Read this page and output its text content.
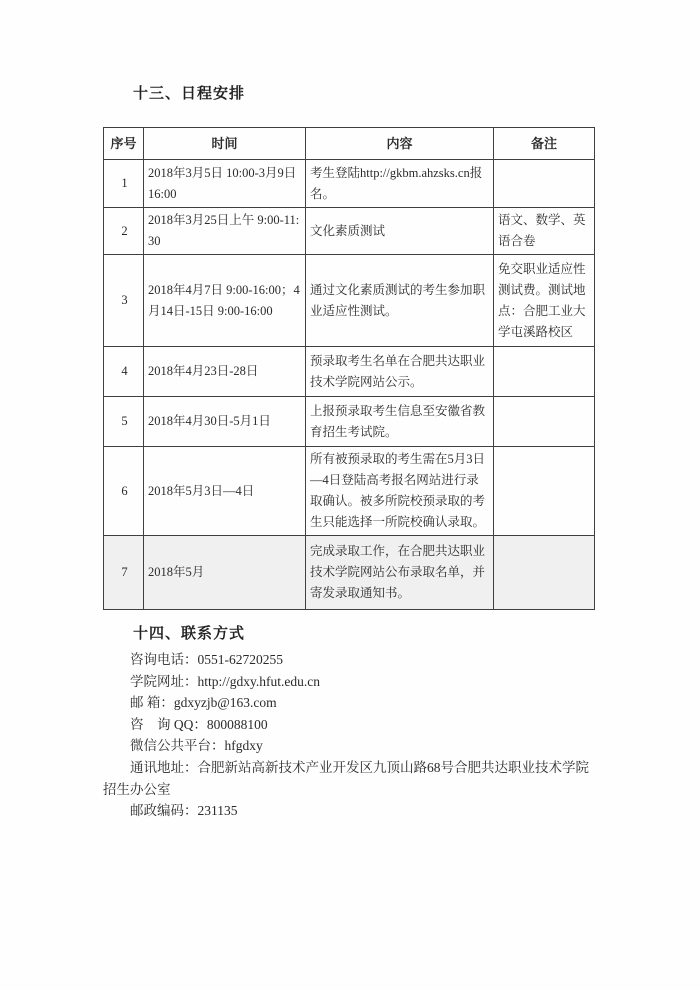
十三、日程安排
序号	时间	内容	备注
1	2018年3月5日 10:00-3月9日 16:00	考生登陆http://gkbm.ahzsks.cn报名。	
2	2018年3月25日上午 9:00-11:30	文化素质测试	语文、数学、英语合卷
3	2018年4月7日 9:00-16:00；4月14日-15日 9:00-16:00	通过文化素质测试的考生参加职业适应性测试。	免交职业适应性测试费。测试地点：合肥工业大学屯溪路校区
4	2018年4月23日-28日	预录取考生名单在合肥共达职业技术学院网站公示。	
5	2018年4月30日-5月1日	上报预录取考生信息至安徽省教育招生考试院。	
6	2018年5月3日—4日	所有被预录取的考生需在5月3日—4日登陆高考报名网站进行录取确认。被多所院校预录取的考生只能选择一所院校确认录取。	
7	2018年5月	完成录取工作，在合肥共达职业技术学院网站公布录取名单，并寄发录取通知书。	
十四、联系方式

咨询电话：0551-62720255

学院网址：http://gdxy.hfut.edu.cn

邮 箱：gdxyzjb@163.com

咨　询 QQ：800088100

微信公共平台：hfgdxy

通讯地址：合肥新站高新技术产业开发区九顶山路68号合肥共达职业技术学院招生办公室

邮政编码：231135
